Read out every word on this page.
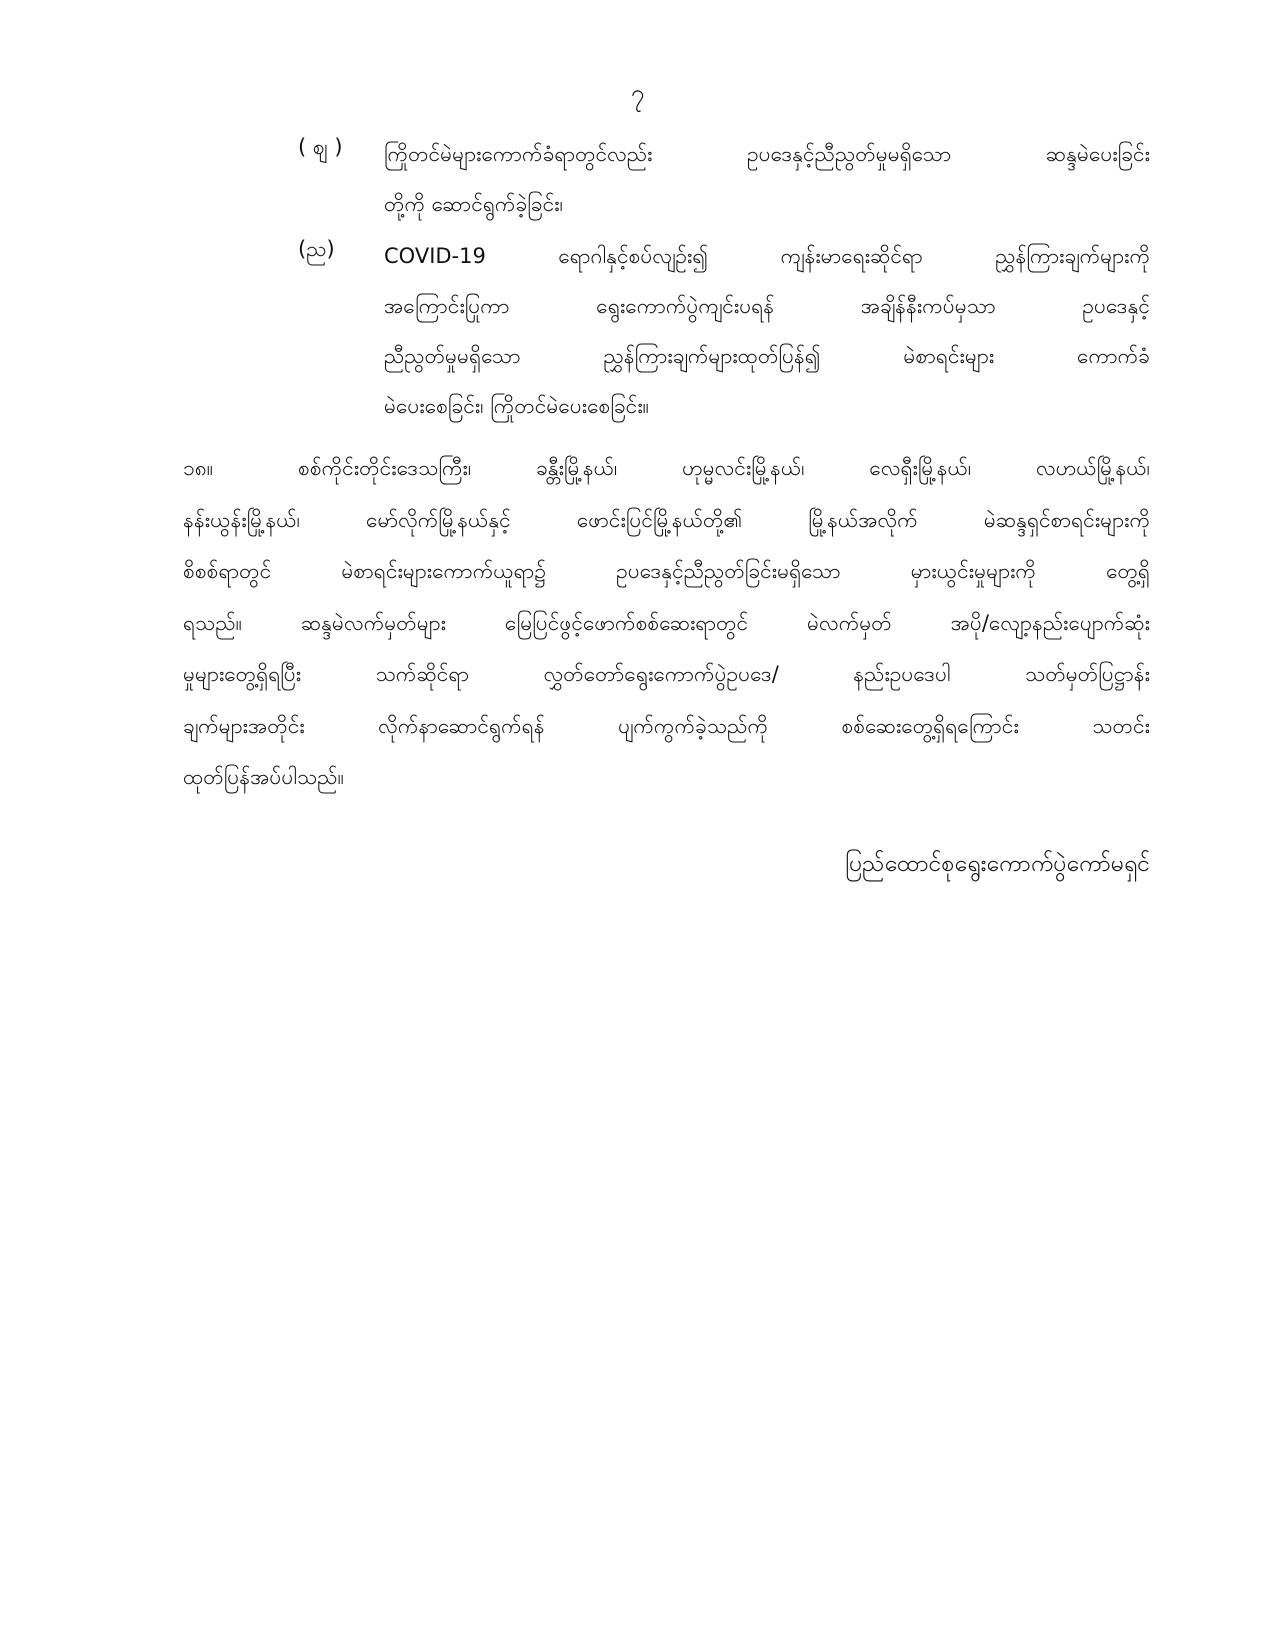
၇
( ဈ )	ကြိုတင်မဲများကောက်ခံရာတွင်လည်း ဥပဒေနှင့်ညီညွတ်မှုမရှိသော ဆန္ဒမဲပေးခြင်း
တို့ကို ဆောင်ရွက်ခဲ့ခြင်း၊
(ည)	COVID-19 ရောဂါနှင့်စပ်လျဉ်း၍ ကျန်းမာရေးဆိုင်ရာ ညွှန်ကြားချက်များကို
အကြောင်းပြုကာ ရွေးကောက်ပွဲကျင်းပရန် အချိန်နီးကပ်မှသာ ဥပဒေနှင့်
ညီညွတ်မှုမရှိသော ညွှန်ကြားချက်များထုတ်ပြန်၍ မဲစာရင်းများ ကောက်ခံ
မဲပေးစေခြင်း၊ ကြိုတင်မဲပေးစေခြင်း။
၁၈။	စစ်ကိုင်းတိုင်းဒေသကြီး၊ ခန္တီးမြို့နယ်၊ ဟုမ္မလင်းမြို့နယ်၊ လေရှီးမြို့နယ်၊ လဟယ်မြို့နယ်၊
နန်းယွန်းမြို့နယ်၊ မော်လိုက်မြို့နယ်နှင့် ဖောင်းပြင်မြို့နယ်တို့၏ မြို့နယ်အလိုက် မဲဆန္ဒရှင်စာရင်းများကို
စိစစ်ရာတွင် မဲစာရင်းများကောက်ယူရာ၌ ဥပဒေနှင့်ညီညွတ်ခြင်းမရှိသော မှားယွင်းမှုများကို တွေ့ရှိ
ရသည်။ ဆန္ဒမဲလက်မှတ်များ မြေပြင်ဖွင့်ဖောက်စစ်ဆေးရာတွင် မဲလက်မှတ် အပို/လျော့နည်းပျောက်ဆုံး
မှုများတွေ့ရှိရပြီး သက်ဆိုင်ရာ လွှတ်တော်ရွေးကောက်ပွဲဥပဒေ/ နည်းဥပဒေပါ သတ်မှတ်ပြဋ္ဌာန်း
ချက်များအတိုင်း လိုက်နာဆောင်ရွက်ရန် ပျက်ကွက်ခဲ့သည်ကို စစ်ဆေးတွေ့ရှိရကြောင်း သတင်း
ထုတ်ပြန်အပ်ပါသည်။
ပြည်ထောင်စုရွေးကောက်ပွဲကော်မရှင်
